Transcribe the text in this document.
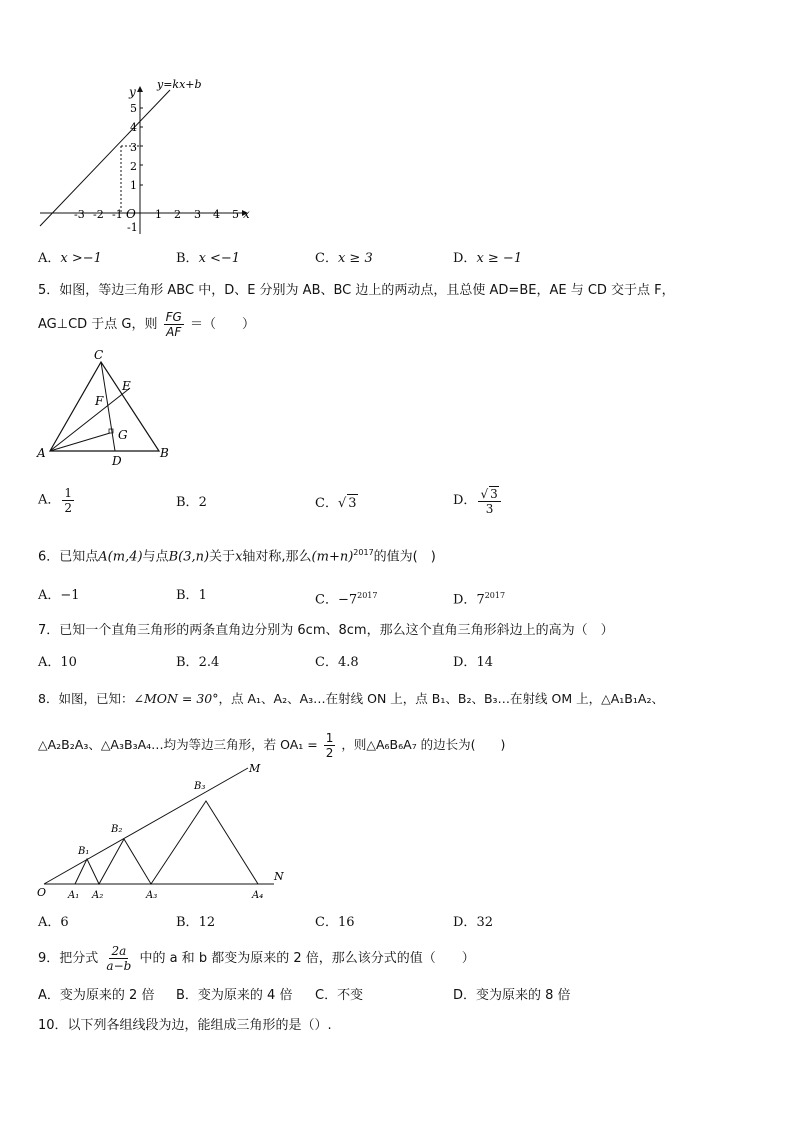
y=kx+b
y
x
O
-3 -2 -1	1 2 3 4 5
5
4
3
2
1
-1
A．x >−1	B．x <−1	C．x ≥ 3	D．x ≥ −1
5．如图，等边三角形 ABC 中，D、E 分别为 AB、BC 边上的两动点，且总使 AD=BE，AE 与 CD 交于点 F，
AG⊥CD 于点 G，则 $\frac{FG}{AF}$ ＝（　　）
C
E
F
G
A
D
B
A． $\frac{1}{2}$	B．2	C．√ 3	D． $\frac{√ 3}{3}$
6．已知点A(m,4)与点B(3,n)关于x轴对称,那么$(m+n)^{2017}$的值为(　)
A．−1	B．1	C．$-7^{2017}$	D．$7^{2017}$
7．已知一个直角三角形的两条直角边分别为 6cm、8cm，那么这个直角三角形斜边上的高为（　）
A．10	B．2.4	C．4.8	D．14
8．如图，已知：∠MON = 30°，点 A₁、A₂、A₃…在射线 ON 上，点 B₁、B₂、B₃…在射线 OM 上，△A₁B₁A₂、
△A₂B₂A₃、△A₃B₃A₄…均为等边三角形，若 $OA_1 = \frac{1}{2}$ ，则△A₆B₆A₇ 的边长为(　　)
M
N
O A₁ A₂	A₃	A₄
B₁
B₂
B₃
A．6	B．12	C．16	D．32
9．把分式 $\frac{2a}{a-b}$ 中的 a 和 b 都变为原来的 2 倍，那么该分式的值（　　）
A．变为原来的 2 倍 B．变为原来的 4 倍 C．不变	D．变为原来的 8 倍
10．以下列各组线段为边，能组成三角形的是（）.
